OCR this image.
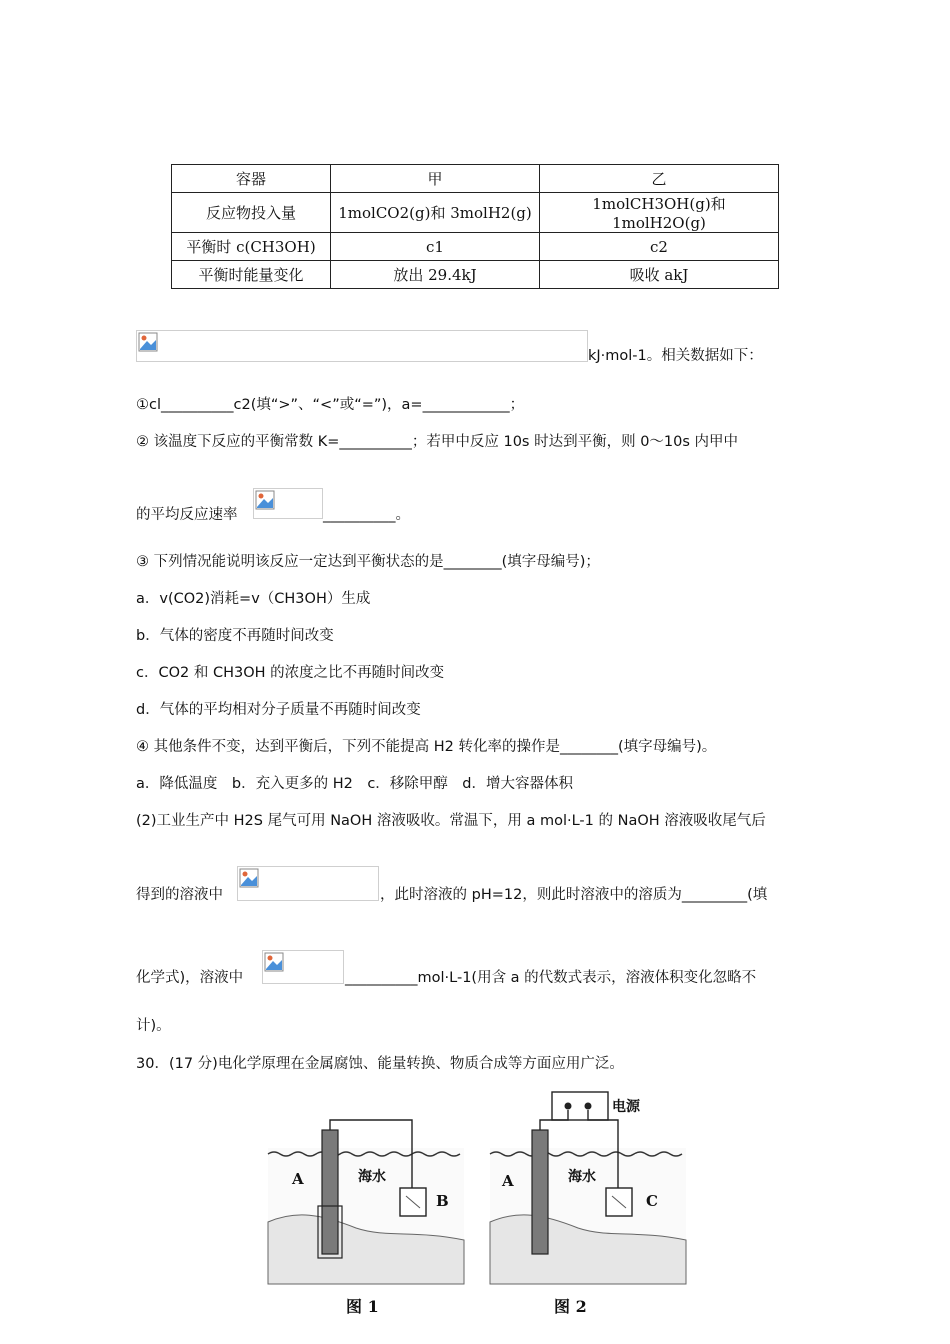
容器	甲	乙
反应物投入量	1molCO2(g)和 3molH2(g)	1molCH3OH(g)和 1molH2O(g)
平衡时 c(CH3OH)	c1	c2
平衡时能量变化	放出 29.4kJ	吸收 akJ
kJ·mol-1。相关数据如下：
①cl__________c2(填“>”、“<”或“=”)，a=____________；
② 该温度下反应的平衡常数 K=__________；若甲中反应 10s 时达到平衡，则 0～10s 内甲中
的平均反应速率	__________。
③ 下列情况能说明该反应一定达到平衡状态的是________(填字母编号)；
a．v(CO2)消耗=v（CH3OH）生成
b．气体的密度不再随时间改变
c．CO2 和 CH3OH 的浓度之比不再随时间改变
d．气体的平均相对分子质量不再随时间改变
④ 其他条件不变，达到平衡后，下列不能提高 H2 转化率的操作是________(填字母编号)。
a．降低温度　b．充入更多的 H2　c．移除甲醇　d．增大容器体积
(2)工业生产中 H2S 尾气可用 NaOH 溶液吸收。常温下，用 a mol·L-1 的 NaOH 溶液吸收尾气后
得到的溶液中	，此时溶液的 pH=12，则此时溶液中的溶质为_________(填
化学式)，溶液中	__________mol·L-1(用含 a 的代数式表示，溶液体积变化忽略不
计)。
30．(17 分)电化学原理在金属腐蚀、能量转换、物质合成等方面应用广泛。
A	海水
B
图 1
电源
A	海水
C
图 2
